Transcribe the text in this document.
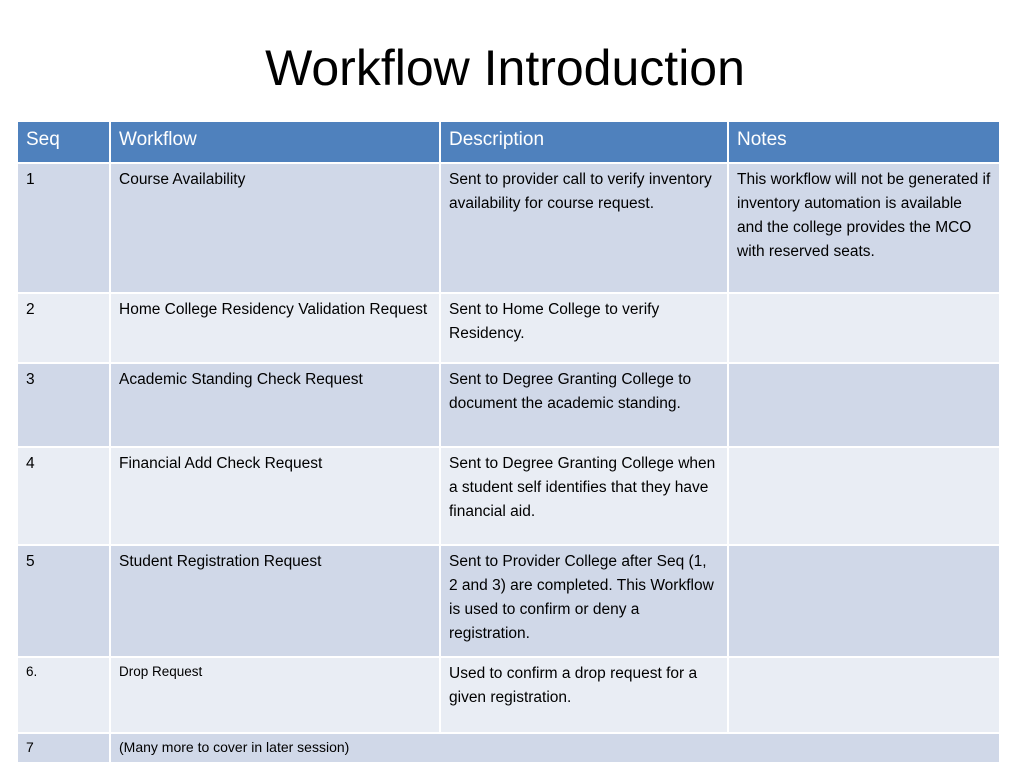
Workflow Introduction
Seq	Workflow	Description	Notes
1	Course Availability	Sent to provider call to verify inventory availability for course request.	This workflow will not be generated if inventory automation is available and the college provides the MCO with reserved seats.
2	Home College Residency Validation Request	Sent to Home College to verify Residency.	
3	Academic Standing Check Request	Sent to Degree Granting College to document the academic standing.	
4	Financial Add Check Request	Sent to Degree Granting College when a student self identifies that they have financial aid.	
5	Student Registration Request	Sent to Provider College after Seq (1, 2 and 3) are completed. This Workflow is used to confirm or deny a registration.	
6.	Drop Request	Used to confirm a drop request for a given registration.	
7	(Many more to cover in later session)		
